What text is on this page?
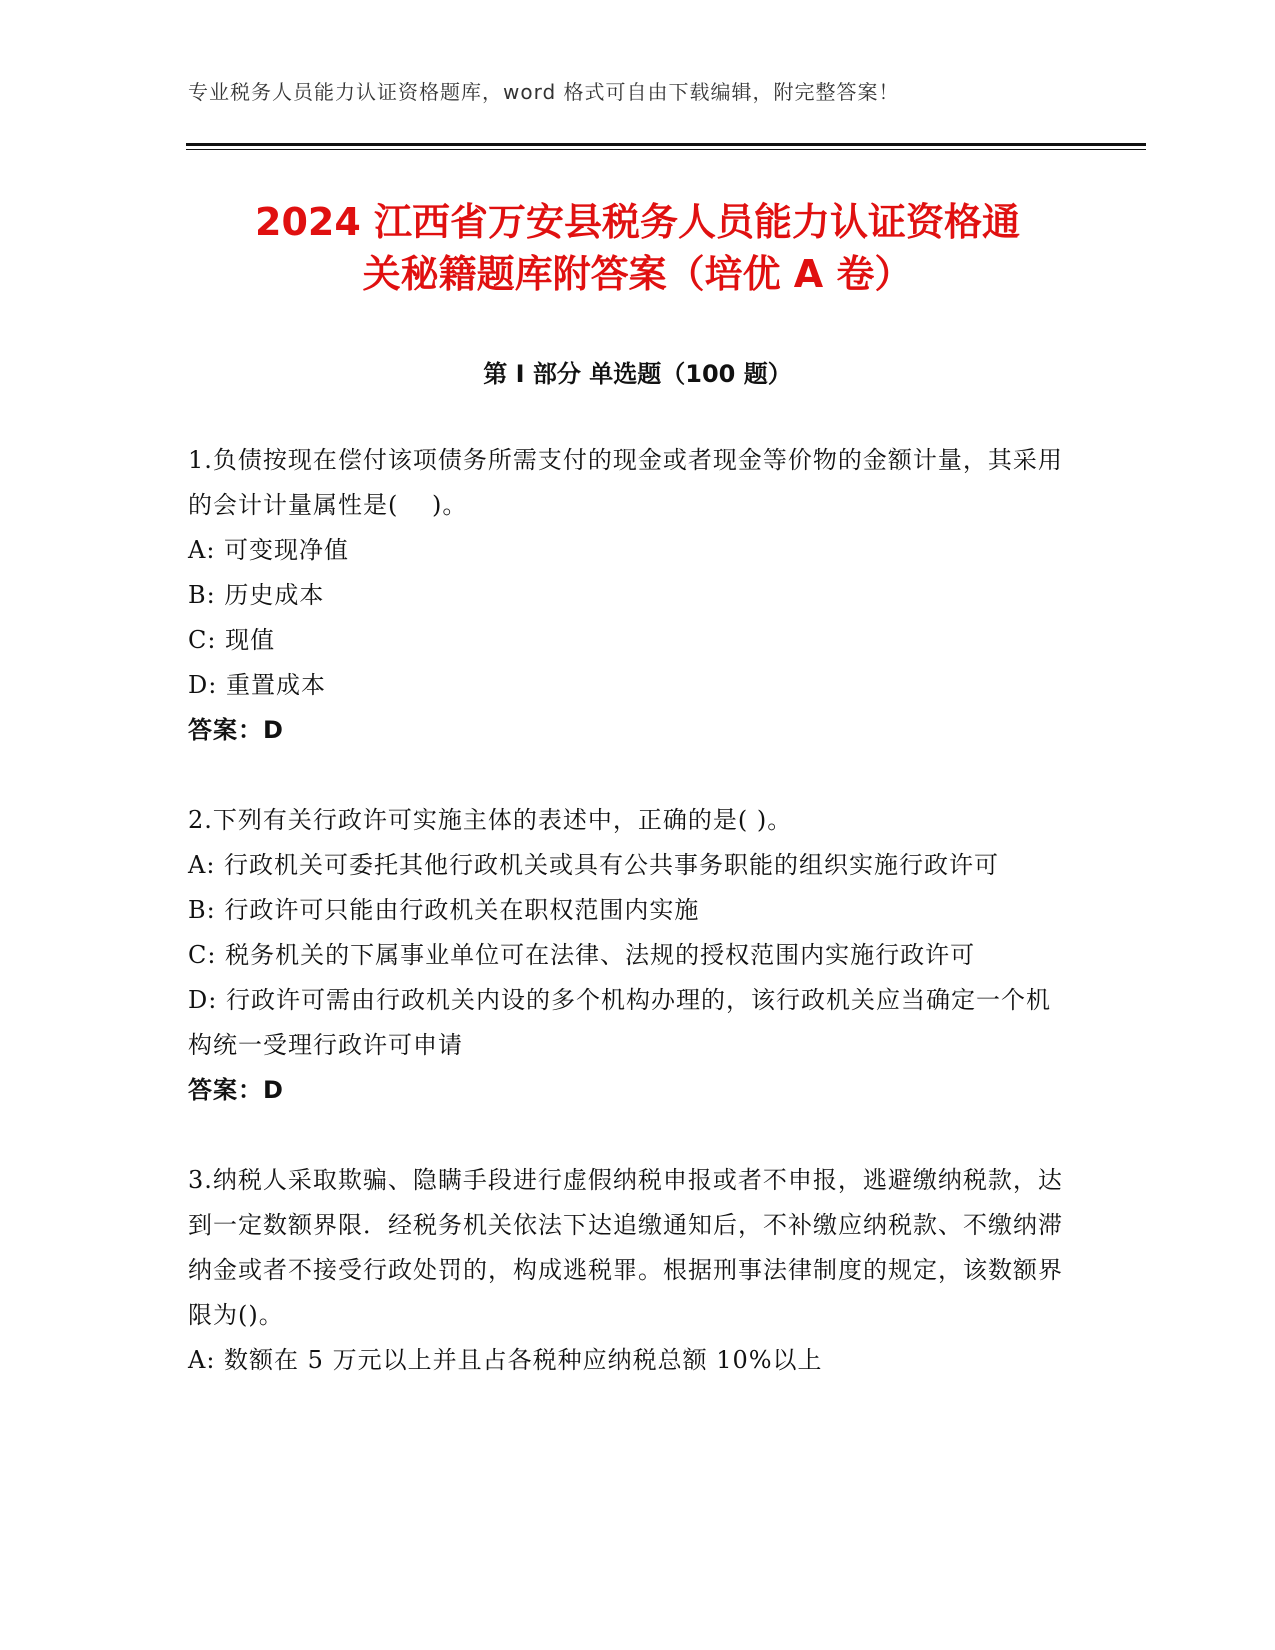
专业税务人员能力认证资格题库，word 格式可自由下载编辑，附完整答案！
2024 江西省万安县税务人员能力认证资格通
关秘籍题库附答案（培优 A 卷）
第 I 部分 单选题（100 题）

1.负债按现在偿付该项债务所需支付的现金或者现金等价物的金额计量，其采用的会计计量属性是(　 )。

A: 可变现净值

B: 历史成本

C: 现值

D: 重置成本

答案：D

2.下列有关行政许可实施主体的表述中，正确的是( )。

A: 行政机关可委托其他行政机关或具有公共事务职能的组织实施行政许可

B: 行政许可只能由行政机关在职权范围内实施

C: 税务机关的下属事业单位可在法律、法规的授权范围内实施行政许可

D: 行政许可需由行政机关内设的多个机构办理的，该行政机关应当确定一个机构统一受理行政许可申请

答案：D

3.纳税人采取欺骗、隐瞒手段进行虚假纳税申报或者不申报，逃避缴纳税款，达到一定数额界限．经税务机关依法下达追缴通知后，不补缴应纳税款、不缴纳滞纳金或者不接受行政处罚的，构成逃税罪。根据刑事法律制度的规定，该数额界限为()。

A: 数额在 5 万元以上并且占各税种应纳税总额 10%以上
